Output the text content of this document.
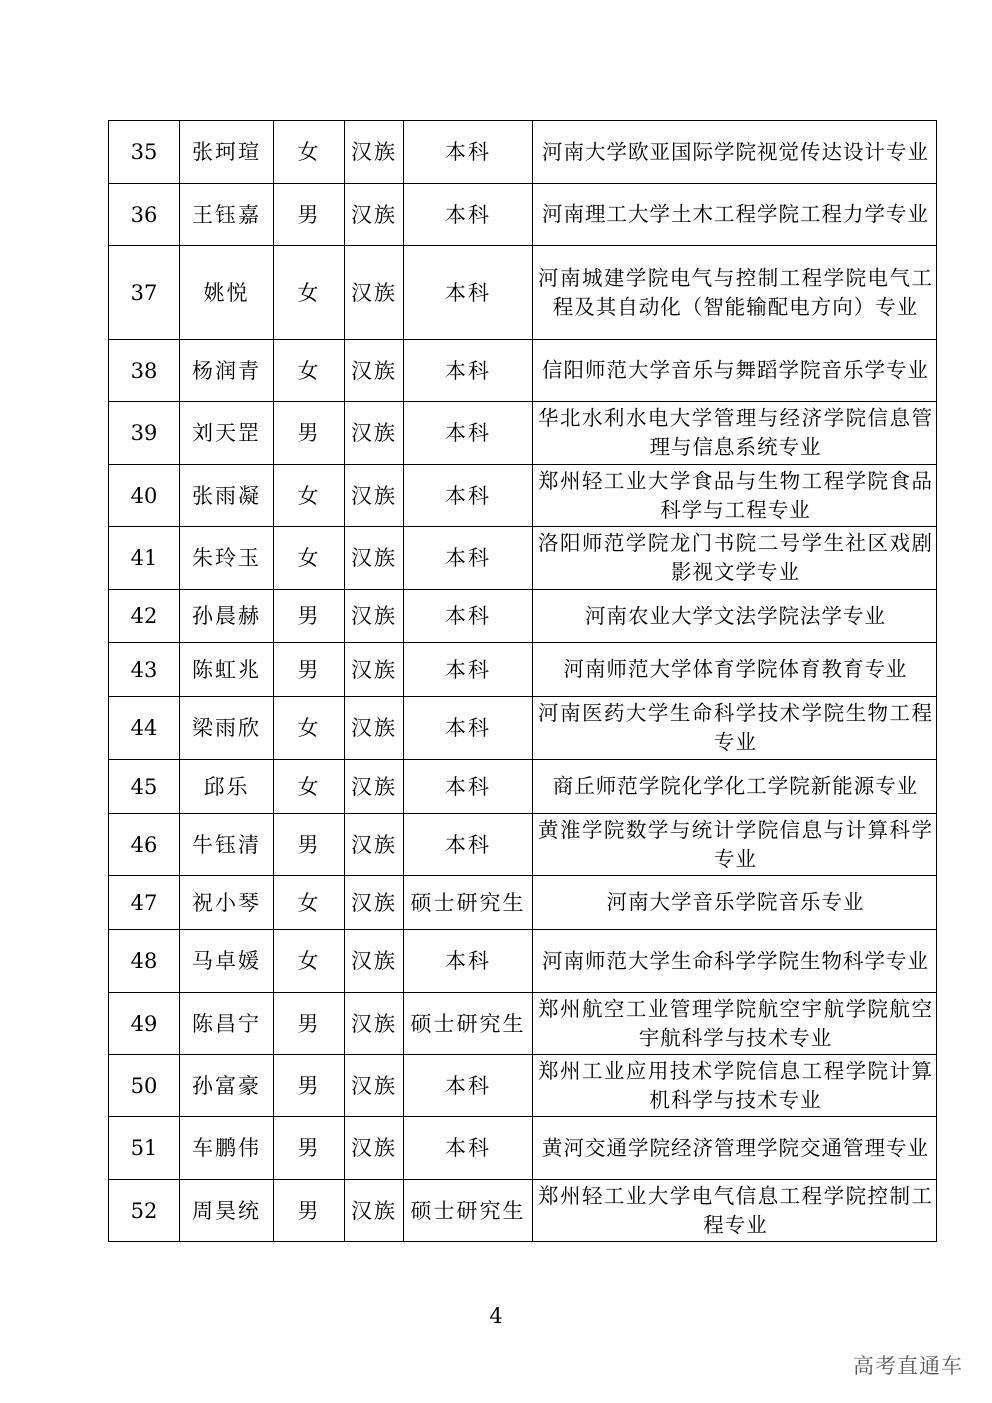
35	张珂瑄	女	汉族	本科	河南大学欧亚国际学院视觉传达设计专业
36	王钰嘉	男	汉族	本科	河南理工大学土木工程学院工程力学专业
37	姚悦	女	汉族	本科	河南城建学院电气与控制工程学院电气工程及其自动化（智能输配电方向）专业
38	杨润青	女	汉族	本科	信阳师范大学音乐与舞蹈学院音乐学专业
39	刘天罡	男	汉族	本科	华北水利水电大学管理与经济学院信息管理与信息系统专业
40	张雨凝	女	汉族	本科	郑州轻工业大学食品与生物工程学院食品科学与工程专业
41	朱玲玉	女	汉族	本科	洛阳师范学院龙门书院二号学生社区戏剧影视文学专业
42	孙晨赫	男	汉族	本科	河南农业大学文法学院法学专业
43	陈虹兆	男	汉族	本科	河南师范大学体育学院体育教育专业
44	梁雨欣	女	汉族	本科	河南医药大学生命科学技术学院生物工程专业
45	邱乐	女	汉族	本科	商丘师范学院化学化工学院新能源专业
46	牛钰清	男	汉族	本科	黄淮学院数学与统计学院信息与计算科学专业
47	祝小琴	女	汉族	硕士研究生	河南大学音乐学院音乐专业
48	马卓媛	女	汉族	本科	河南师范大学生命科学学院生物科学专业
49	陈昌宁	男	汉族	硕士研究生	郑州航空工业管理学院航空宇航学院航空宇航科学与技术专业
50	孙富豪	男	汉族	本科	郑州工业应用技术学院信息工程学院计算机科学与技术专业
51	车鹏伟	男	汉族	本科	黄河交通学院经济管理学院交通管理专业
52	周昊统	男	汉族	硕士研究生	郑州轻工业大学电气信息工程学院控制工程专业
4
高考直通车
